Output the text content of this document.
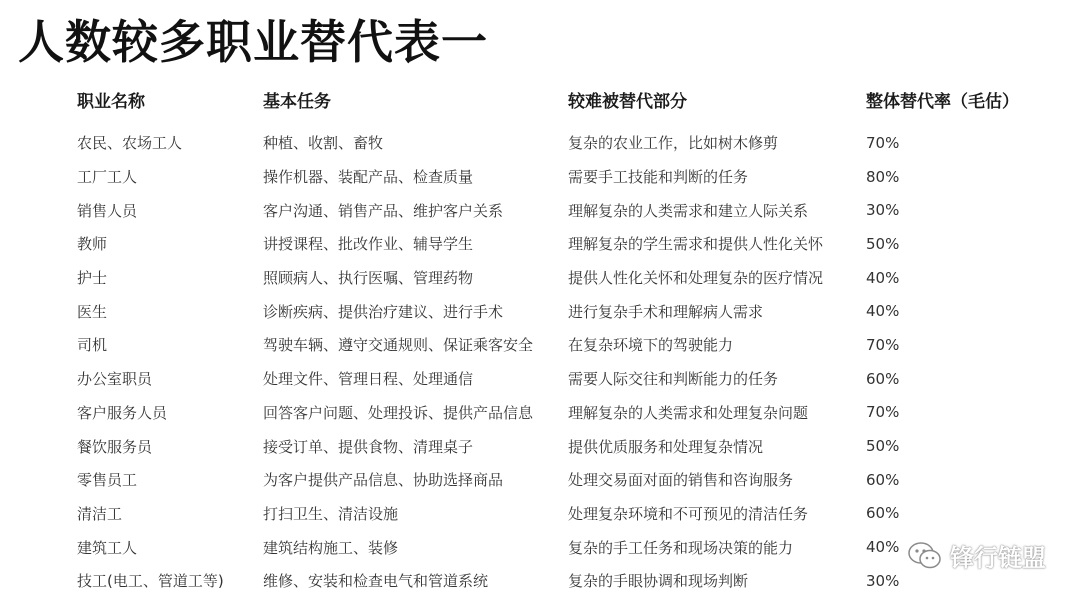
人数较多职业替代表一
职业名称	基本任务	较难被替代部分	整体替代率（毛估）

农民、农场工人	种植、收割、畜牧	复杂的农业工作，比如树木修剪	70%
工厂工人	操作机器、装配产品、检查质量	需要手工技能和判断的任务	80%
销售人员	客户沟通、销售产品、维护客户关系	理解复杂的人类需求和建立人际关系	30%
教师	讲授课程、批改作业、辅导学生	理解复杂的学生需求和提供人性化关怀	50%
护士	照顾病人、执行医嘱、管理药物	提供人性化关怀和处理复杂的医疗情况	40%
医生	诊断疾病、提供治疗建议、进行手术	进行复杂手术和理解病人需求	40%
司机	驾驶车辆、遵守交通规则、保证乘客安全	在复杂环境下的驾驶能力	70%
办公室职员	处理文件、管理日程、处理通信	需要人际交往和判断能力的任务	60%
客户服务人员	回答客户问题、处理投诉、提供产品信息	理解复杂的人类需求和处理复杂问题	70%
餐饮服务员	接受订单、提供食物、清理桌子	提供优质服务和处理复杂情况	50%
零售员工	为客户提供产品信息、协助选择商品	处理交易面对面的销售和咨询服务	60%
清洁工	打扫卫生、清洁设施	处理复杂环境和不可预见的清洁任务	60%
建筑工人	建筑结构施工、装修	复杂的手工任务和现场决策的能力	40%
技工(电工、管道工等)	维修、安装和检查电气和管道系统	复杂的手眼协调和现场判断	30%
锋行链盟
